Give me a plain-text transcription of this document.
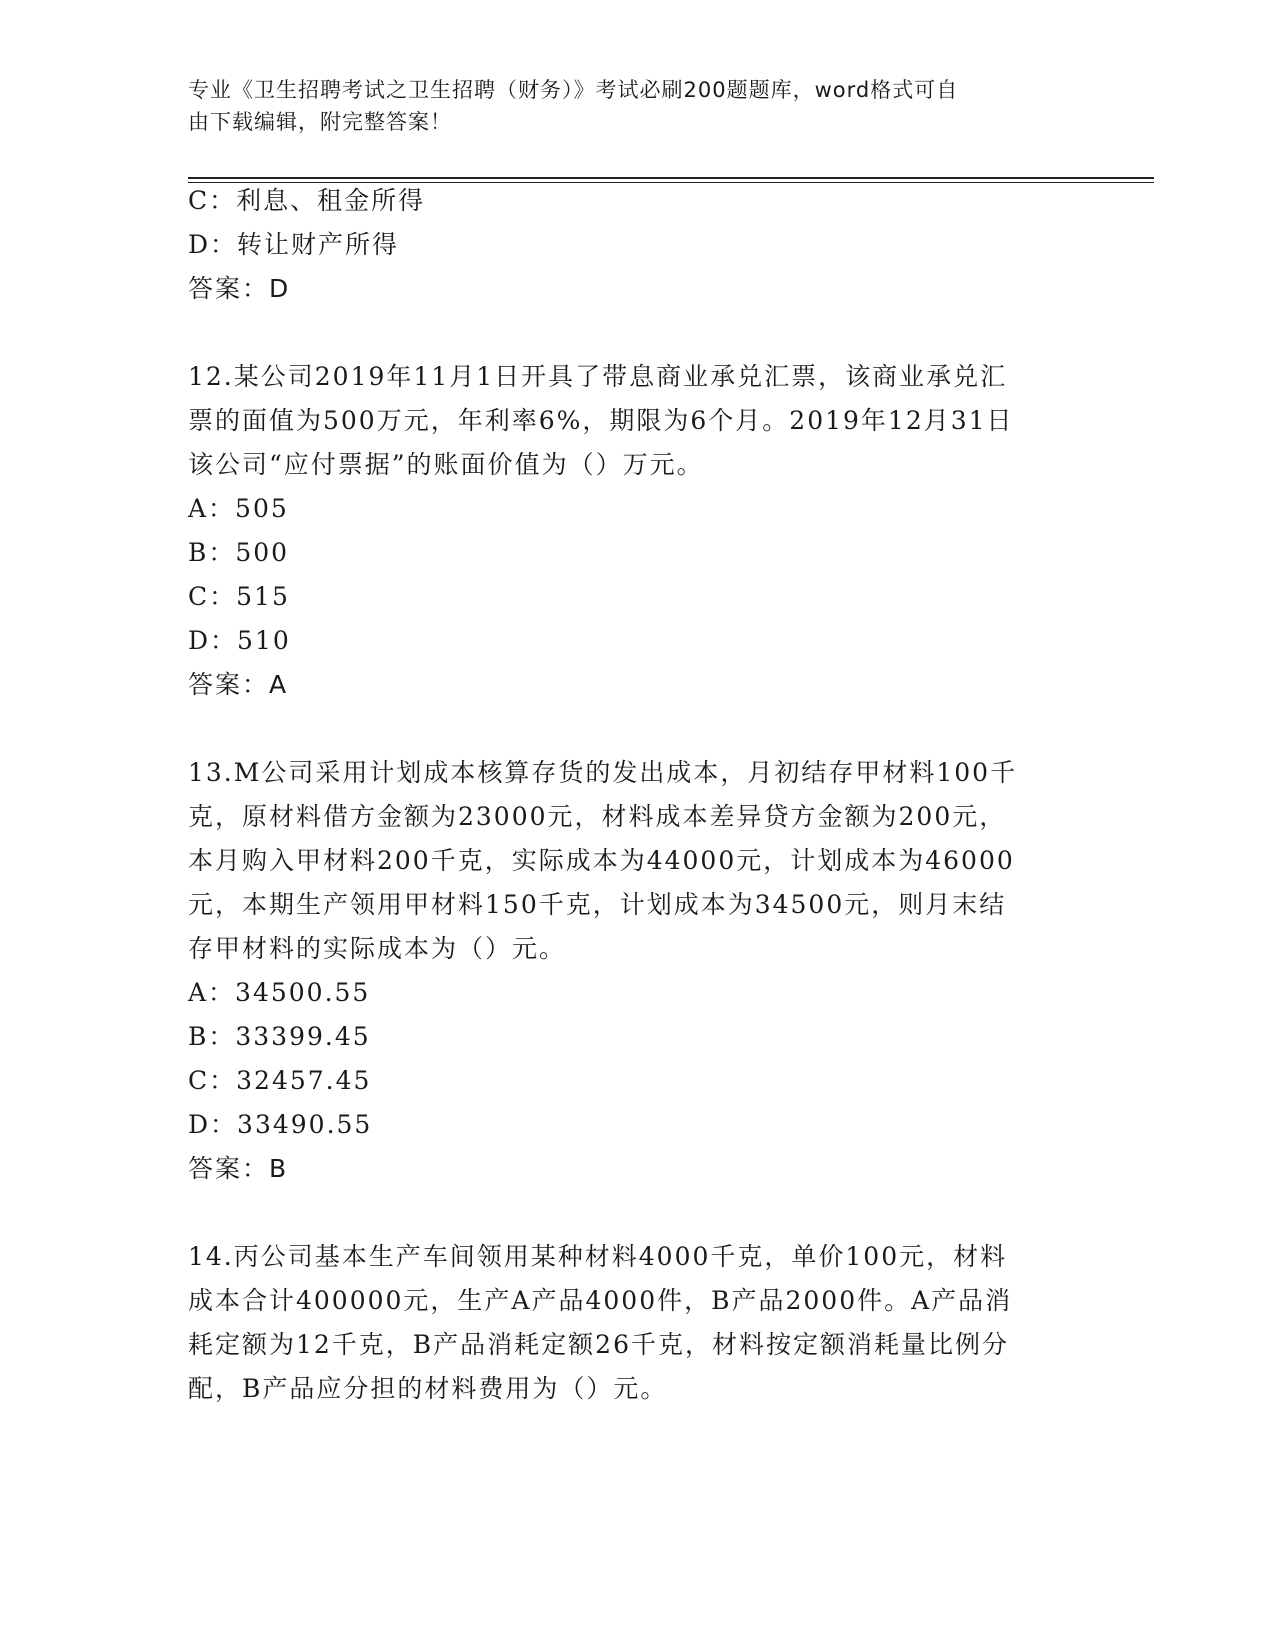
专业《卫生招聘考试之卫生招聘（财务）》考试必刷200题题库，word格式可自
由下载编辑，附完整答案！
C：利息、租金所得
D：转让财产所得
答案：D
12.某公司2019年11月1日开具了带息商业承兑汇票，该商业承兑汇
票的面值为500万元，年利率6%，期限为6个月。2019年12月31日
该公司“应付票据”的账面价值为（）万元。
A：505
B：500
C：515
D：510
答案：A
13.M公司采用计划成本核算存货的发出成本，月初结存甲材料100千
克，原材料借方金额为23000元，材料成本差异贷方金额为200元，
本月购入甲材料200千克，实际成本为44000元，计划成本为46000
元，本期生产领用甲材料150千克，计划成本为34500元，则月末结
存甲材料的实际成本为（）元。
A：34500.55
B：33399.45
C：32457.45
D：33490.55
答案：B
14.丙公司基本生产车间领用某种材料4000千克，单价100元，材料
成本合计400000元，生产A产品4000件，B产品2000件。A产品消
耗定额为12千克，B产品消耗定额26千克，材料按定额消耗量比例分
配，B产品应分担的材料费用为（）元。
